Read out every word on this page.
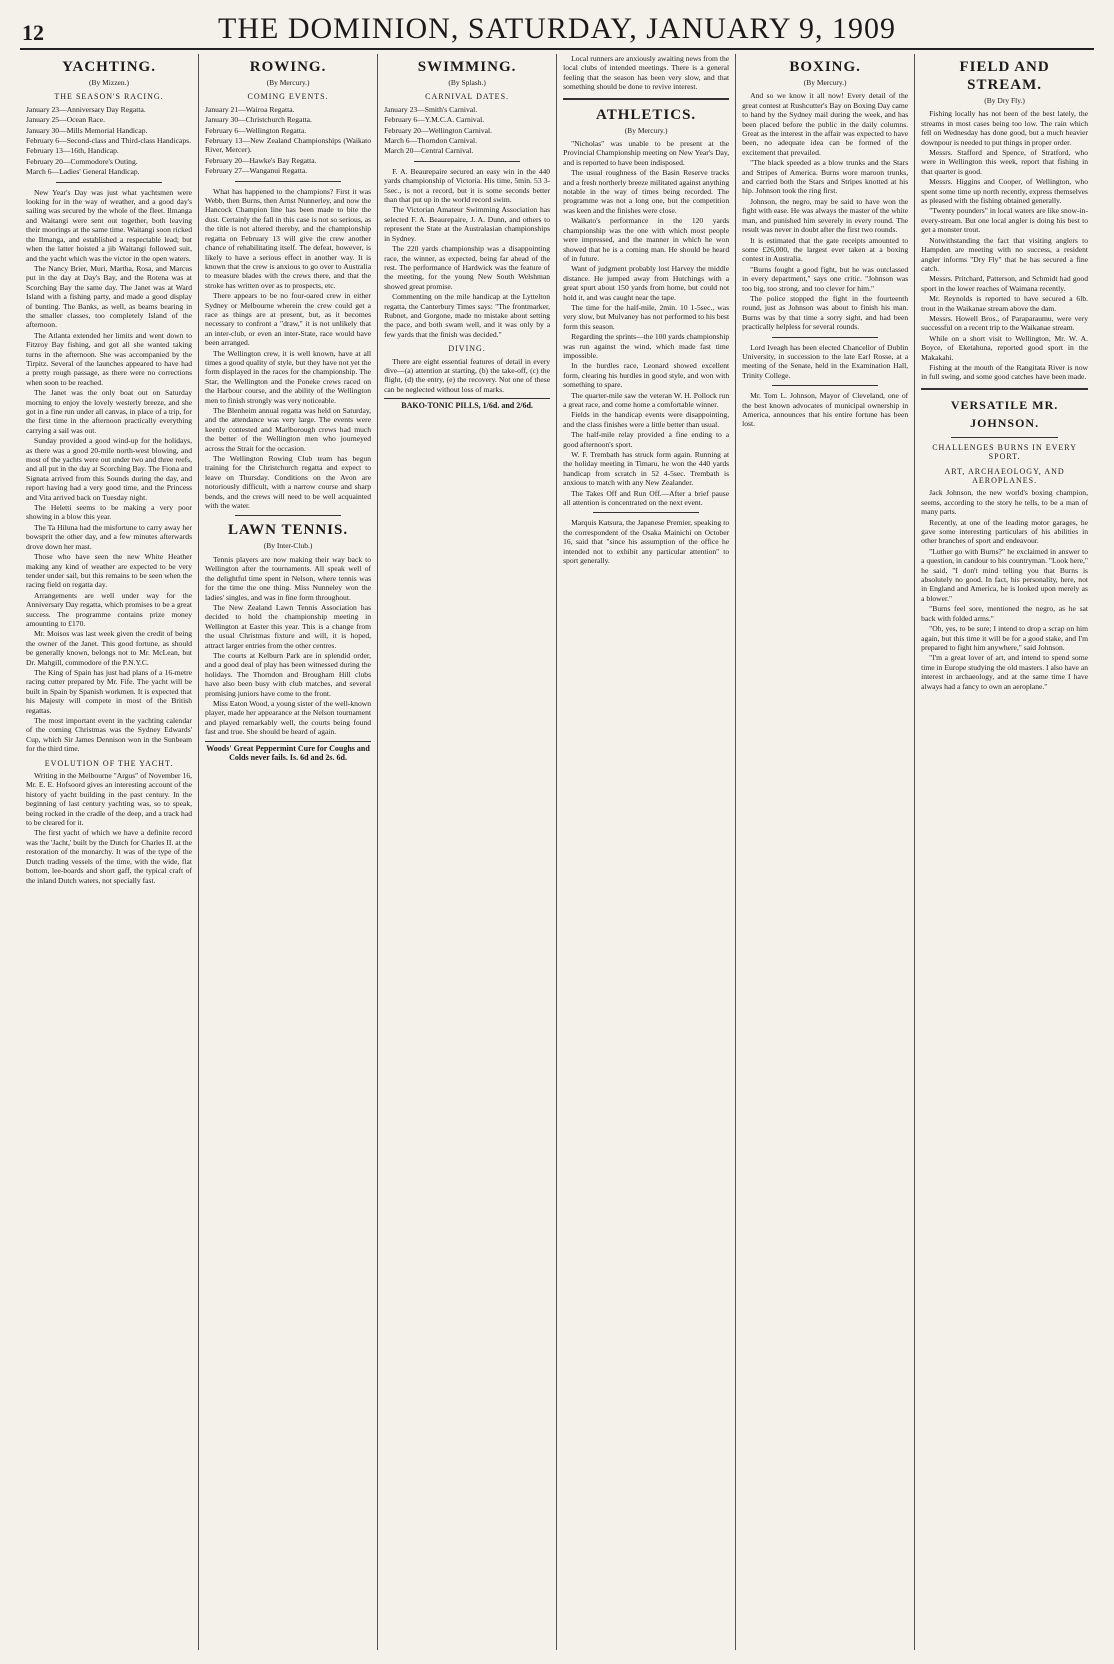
12	THE DOMINION, SATURDAY, JANUARY 9, 1909
YACHTING.
(By Mizzen.)
THE SEASON'S RACING.

January 23—Anniversary Day Regatta.

January 25—Ocean Race.

January 30—Mills Memorial Handicap.

February 6—Second-class and Third-class Handicaps.

February 13—16th, Handicap.

February 20—Commodore's Outing.

March 6—Ladies' General Handicap.

New Year's Day was just what yachtsmen were looking for in the way of weather, and a good day's sailing was secured by the whole of the fleet. Ilmanga and Waitangi were sent out together, both leaving their moorings at the same time. Waitangi soon ricked the Ilmanga, and established a respectable lead; but when the latter hoisted a jib Waitangi followed suit, and the yacht which was the victor in the open waters.

The Nancy Brier, Muri, Martha, Rosa, and Marcus put in the day at Day's Bay, and the Rotena was at Scorching Bay the same day. The Janet was at Ward Island with a fishing party, and made a good display of bunting. The Banks, as well, as beams bearing in the smaller classes, too completely Island of the afternoon.

The Atlanta extended her limits and went down to Fitzroy Bay fishing, and got all she wanted taking turns in the afternoon. She was accompanied by the Tirpitz. Several of the launches appeared to have had a pretty rough passage, as there were no corrections when soon to be reached.

The Janet was the only boat out on Saturday morning to enjoy the lovely westerly breeze, and she got in a fine run under all canvas, in place of a trip, for the first time in the afternoon practically everything carrying a sail was out.

Sunday provided a good wind-up for the holidays, as there was a good 20-mile north-west blowing, and most of the yachts were out under two and three reefs, and all put in the day at Scorching Bay. The Fiona and Signata arrived from this Sounds during the day, and report having had a very good time, and the Princess and Vita arrived back on Tuesday night.

The Heletti seems to be making a very poor showing in a blow this year.

The Ta Hiluna had the misfortune to carry away her bowsprit the other day, and a few minutes afterwards drove down her mast.

Those who have seen the new White Heather making any kind of weather are expected to be very tender under sail, but this remains to be seen when the racing field on regatta day.

Arrangements are well under way for the Anniversary Day regatta, which promises to be a great success. The programme contains prize money amounting to £170.

Mr. Moisos was last week given the credit of being the owner of the Janet. This good fortune, as should be generally known, belongs not to Mr. McLean, but Dr. Mahgill, commodore of the P.N.Y.C.

The King of Spain has just had plans of a 16-metre racing cutter prepared by Mr. Fife. The yacht will be built in Spain by Spanish workmen. It is expected that his Majesty will compete in most of the British regattas.

The most important event in the yachting calendar of the coming Christmas was the Sydney Edwards' Cup, which Sir James Dennison won in the Sunbeam for the third time.

EVOLUTION OF THE YACHT.

Writing in the Melbourne "Argus" of November 16, Mr. E. E. Hofsoord gives an interesting account of the history of yacht building in the past century. In the beginning of last century yachting was, so to speak, being rocked in the cradle of the deep, and a track had to be cleared for it.

The first yacht of which we have a definite record was the 'Jacht,' built by the Dutch for Charles II. at the restoration of the monarchy. It was of the type of the Dutch trading vessels of the time, with the wide, flat bottom, lee-boards and short gaff, the typical craft of the inland Dutch waters, not specially fast.

ROWING.
(By Mercury.)
COMING EVENTS.

January 21—Wairoa Regatta.

January 30—Christchurch Regatta.

February 6—Wellington Regatta.

February 13—New Zealand Championships (Waikato River, Mercer).

February 20—Hawke's Bay Regatta.

February 27—Wanganui Regatta.

What has happened to the champions? First it was Webb, then Burns, then Arnst Nunnerley, and now the Hancock Champion line has been made to bite the dust. Certainly the fall in this case is not so serious, as the title is not altered thereby, and the championship regatta on February 13 will give the crew another chance of rehabilitating itself. The defeat, however, is likely to have a serious effect in another way. It is known that the crew is anxious to go over to Australia to measure blades with the crews there, and that the stroke has written over as to prospects, etc.

There appears to be no four-oared crew in either Sydney or Melbourne wherein the crew could get a race as things are at present, but, as it becomes necessary to confront a "draw," it is not unlikely that an inter-club, or even an inter-State, race would have been arranged.

The Wellington crew, it is well known, have at all times a good quality of style, but they have not yet the form displayed in the races for the championship. The Star, the Wellington and the Poneke crews raced on the Harbour course, and the ability of the Wellington men to finish strongly was very noticeable.

The Blenheim annual regatta was held on Saturday, and the attendance was very large. The events were keenly contested and Marlborough crews had much the better of the Wellington men who journeyed across the Strait for the occasion.

The Wellington Rowing Club team has begun training for the Christchurch regatta and expect to leave on Thursday. Conditions on the Avon are notoriously difficult, with a narrow course and sharp bends, and the crews will need to be well acquainted with the water.

LAWN TENNIS.
(By Inter-Club.)

Tennis players are now making their way back to Wellington after the tournaments. All speak well of the delightful time spent in Nelson, where tennis was for the time the one thing. Miss Nunneley won the ladies' singles, and was in fine form throughout.

The New Zealand Lawn Tennis Association has decided to hold the championship meeting in Wellington at Easter this year. This is a change from the usual Christmas fixture and will, it is hoped, attract larger entries from the other centres.

The courts at Kelburn Park are in splendid order, and a good deal of play has been witnessed during the holidays. The Thorndon and Brougham Hill clubs have also been busy with club matches, and several promising juniors have come to the front.

Miss Eaton Wood, a young sister of the well-known player, made her appearance at the Nelson tournament and played remarkably well, the courts being found fast and true. She should be heard of again.

Woods' Great Peppermint Cure for Coughs and Colds never fails. Is. 6d and 2s. 6d.
SWIMMING.
(By Splash.)
CARNIVAL DATES.

January 23—Smith's Carnival.

February 6—Y.M.C.A. Carnival.

February 20—Wellington Carnival.

March 6—Thorndon Carnival.

March 20—Central Carnival.

F. A. Beaurepaire secured an easy win in the 440 yards championship of Victoria. His time, 5min. 53 3-5sec., is not a record, but it is some seconds better than that put up in the world record swim.

The Victorian Amateur Swimming Association has selected F. A. Beaurepaire, J. A. Dunn, and others to represent the State at the Australasian championships in Sydney.

The 220 yards championship was a disappointing race, the winner, as expected, being far ahead of the rest. The performance of Hardwick was the feature of the meeting, for the young New South Welshman showed great promise.

Commenting on the mile handicap at the Lyttelton regatta, the Canterbury Times says: "The frontmarker, Rubnet, and Gorgone, made no mistake about setting the pace, and both swam well, and it was only by a few yards that the finish was decided."

DIVING.

There are eight essential features of detail in every dive—(a) attention at starting, (b) the take-off, (c) the flight, (d) the entry, (e) the recovery. Not one of these can be neglected without loss of marks.

BAKO-TONIC PILLS, 1/6d. and 2/6d.

Local runners are anxiously awaiting news from the local clubs of intended meetings. There is a general feeling that the season has been very slow, and that something should be done to revive interest.

ATHLETICS.
(By Mercury.)

"Nicholas" was unable to be present at the Provincial Championship meeting on New Year's Day, and is reported to have been indisposed.

The usual roughness of the Basin Reserve tracks and a fresh northerly breeze militated against anything notable in the way of times being recorded. The programme was not a long one, but the competition was keen and the finishes were close.

Waikato's performance in the 120 yards championship was the one with which most people were impressed, and the manner in which he won showed that he is a coming man. He should be heard of in future.

Want of judgment probably lost Harvey the middle distance. He jumped away from Hutchings with a great spurt about 150 yards from home, but could not hold it, and was caught near the tape.

The time for the half-mile, 2min. 10 1-5sec., was very slow, but Mulvaney has not performed to his best form this season.

Regarding the sprints—the 100 yards championship was run against the wind, which made fast time impossible.

In the hurdles race, Leonard showed excellent form, clearing his hurdles in good style, and won with something to spare.

The quarter-mile saw the veteran W. H. Pollock run a great race, and come home a comfortable winner.

Fields in the handicap events were disappointing, and the class finishes were a little better than usual.

The half-mile relay provided a fine ending to a good afternoon's sport.

W. F. Trembath has struck form again. Running at the holiday meeting in Timaru, he won the 440 yards handicap from scratch in 52 4-5sec. Trembath is anxious to match with any New Zealander.

The Takes Off and Run Off.—After a brief pause all attention is concentrated on the next event.

Marquis Katsura, the Japanese Premier, speaking to the correspondent of the Osaka Mainichi on October 16, said that "since his assumption of the office he intended not to exhibit any particular attention" to sport generally.

BOXING.
(By Mercury.)

And so we know it all now! Every detail of the great contest at Rushcutter's Bay on Boxing Day came to hand by the Sydney mail during the week, and has been placed before the public in the daily columns. Great as the interest in the affair was expected to have been, no adequate idea can be formed of the excitement that prevailed.

"The black speeded as a blow trunks and the Stars and Stripes of America. Burns wore maroon trunks, and carried both the Stars and Stripes knotted at his hip. Johnson took the ring first.

Johnson, the negro, may be said to have won the fight with ease. He was always the master of the white man, and punished him severely in every round. The result was never in doubt after the first two rounds.

It is estimated that the gate receipts amounted to some £26,000, the largest ever taken at a boxing contest in Australia.

"Burns fought a good fight, but he was outclassed in every department," says one critic. "Johnson was too big, too strong, and too clever for him."

The police stopped the fight in the fourteenth round, just as Johnson was about to finish his man. Burns was by that time a sorry sight, and had been practically helpless for several rounds.

Lord Iveagh has been elected Chancellor of Dublin University, in succession to the late Earl Rosse, at a meeting of the Senate, held in the Examination Hall, Trinity College.

Mr. Tom L. Johnson, Mayor of Cleveland, one of the best known advocates of municipal ownership in America, announces that his entire fortune has been lost.

FIELD AND STREAM.
(By Dry Fly.)

Fishing locally has not been of the best lately, the streams in most cases being too low. The rain which fell on Wednesday has done good, but a much heavier downpour is needed to put things in proper order.

Messrs. Stafford and Spence, of Stratford, who were in Wellington this week, report that fishing in that quarter is good.

Messrs. Higgins and Cooper, of Wellington, who spent some time up north recently, express themselves as pleased with the fishing obtained generally.

"Twenty pounders" in local waters are like snow-in-every-stream. But one local angler is doing his best to get a monster trout.

Notwithstanding the fact that visiting anglers to Hampden are meeting with no success, a resident angler informs "Dry Fly" that he has secured a fine catch.

Messrs. Pritchard, Patterson, and Schmidt had good sport in the lower reaches of Waimana recently.

Mr. Reynolds is reported to have secured a 6lb. trout in the Waikanae stream above the dam.

Messrs. Howell Bros., of Paraparaumu, were very successful on a recent trip to the Waikanae stream.

While on a short visit to Wellington, Mr. W. A. Boyce, of Eketahuna, reported good sport in the Makakahi.

Fishing at the mouth of the Rangitata River is now in full swing, and some good catches have been made.

VERSATILE MR. JOHNSON.
CHALLENGES BURNS IN EVERY SPORT.
ART, ARCHAEOLOGY, AND AEROPLANES.

Jack Johnson, the new world's boxing champion, seems, according to the story he tells, to be a man of many parts.

Recently, at one of the leading motor garages, he gave some interesting particulars of his abilities in other branches of sport and endeavour.

"Luther go with Burns?" he exclaimed in answer to a question, in candour to his countryman. "Look here," he said, "I don't mind telling you that Burns is absolutely no good. In fact, his personality, here, not in England and America, he is looked upon merely as a blower."

"Burns feel sore, mentioned the negro, as he sat back with folded arms."

"Oh, yes, to be sure; I intend to drop a scrap on him again, but this time it will be for a good stake, and I'm prepared to fight him anywhere," said Johnson.

"I'm a great lover of art, and intend to spend some time in Europe studying the old masters. I also have an interest in archaeology, and at the same time I have always had a fancy to own an aeroplane."
